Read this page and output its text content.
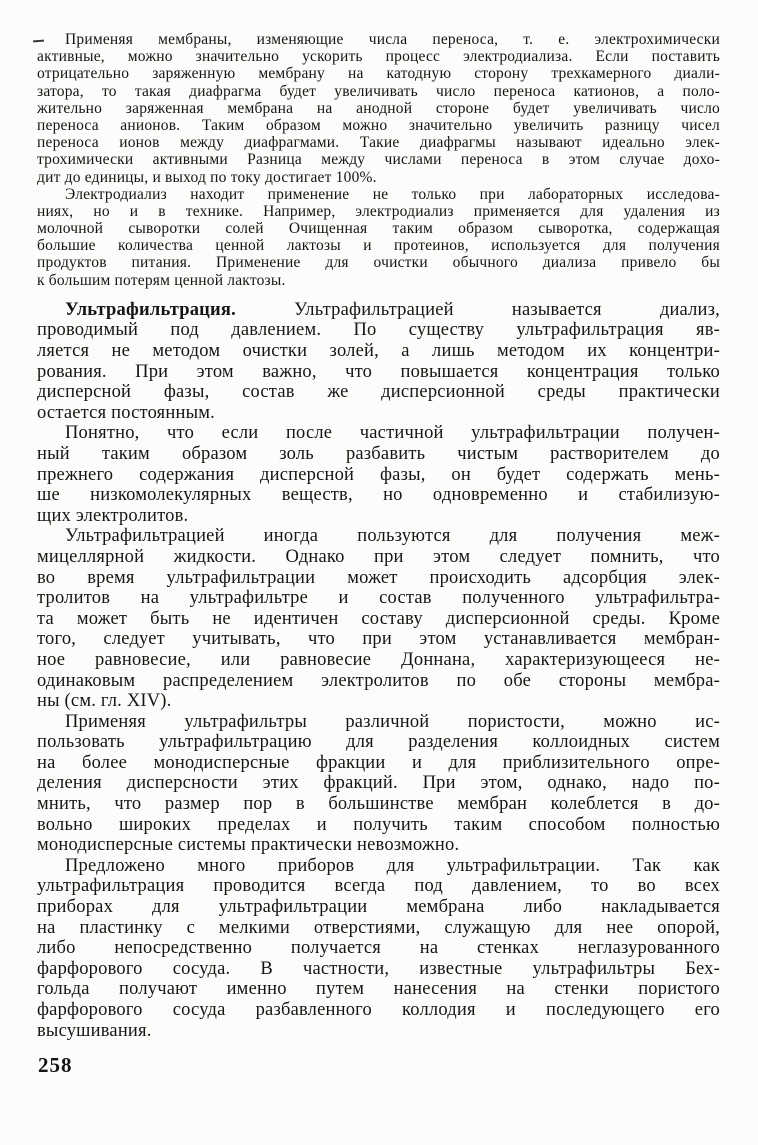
Применяя мембраны, изменяющие числа переноса, т. е. электрохимически
активные, можно значительно ускорить процесс электродиализа. Если поставить
отрицательно заряженную мембрану на катодную сторону трехкамерного диали-
затора, то такая диафрагма будет увеличивать число переноса катионов, а поло-
жительно заряженная мембрана на анодной стороне будет увеличивать число
переноса анионов. Таким образом можно значительно увеличить разницу чисел
переноса ионов между диафрагмами. Такие диафрагмы называют идеально элек-
трохимически активными Разница между числами переноса в этом случае дохо-
дит до единицы, и выход по току достигает 100%.
Электродиализ находит применение не только при лабораторных исследова-
ниях, но и в технике. Например, электродиализ применяется для удаления из
молочной сыворотки солей Очищенная таким образом сыворотка, содержащая
большие количества ценной лактозы и протеинов, используется для получения
продуктов питания. Применение для очистки обычного диализа привело бы
к большим потерям ценной лактозы.
Ультрафильтрация. Ультрафильтрацией называется диализ,
проводимый под давлением. По существу ультрафильтрация яв-
ляется не методом очистки золей, а лишь методом их концентри-
рования. При этом важно, что повышается концентрация только
дисперсной фазы, состав же дисперсионной среды практически
остается постоянным.
Понятно, что если после частичной ультрафильтрации получен-
ный таким образом золь разбавить чистым растворителем до
прежнего содержания дисперсной фазы, он будет содержать мень-
ше низкомолекулярных веществ, но одновременно и стабилизую-
щих электролитов.
Ультрафильтрацией иногда пользуются для получения меж-
мицеллярной жидкости. Однако при этом следует помнить, что
во время ультрафильтрации может происходить адсорбция элек-
тролитов на ультрафильтре и состав полученного ультрафильтра-
та может быть не идентичен составу дисперсионной среды. Кроме
того, следует учитывать, что при этом устанавливается мембран-
ное равновесие, или равновесие Доннана, характеризующееся не-
одинаковым распределением электролитов по обе стороны мембра-
ны (см. гл. XIV).
Применяя ультрафильтры различной пористости, можно ис-
пользовать ультрафильтрацию для разделения коллоидных систем
на более монодисперсные фракции и для приблизительного опре-
деления дисперсности этих фракций. При этом, однако, надо по-
мнить, что размер пор в большинстве мембран колеблется в до-
вольно широких пределах и получить таким способом полностью
монодисперсные системы практически невозможно.
Предложено много приборов для ультрафильтрации. Так как
ультрафильтрация проводится всегда под давлением, то во всех
приборах для ультрафильтрации мембрана либо накладывается
на пластинку с мелкими отверстиями, служащую для нее опорой,
либо непосредственно получается на стенках неглазурованного
фарфорового сосуда. В частности, известные ультрафильтры Бех-
гольда получают именно путем нанесения на стенки пористого
фарфорового сосуда разбавленного коллодия и последующего его
высушивания.
258
